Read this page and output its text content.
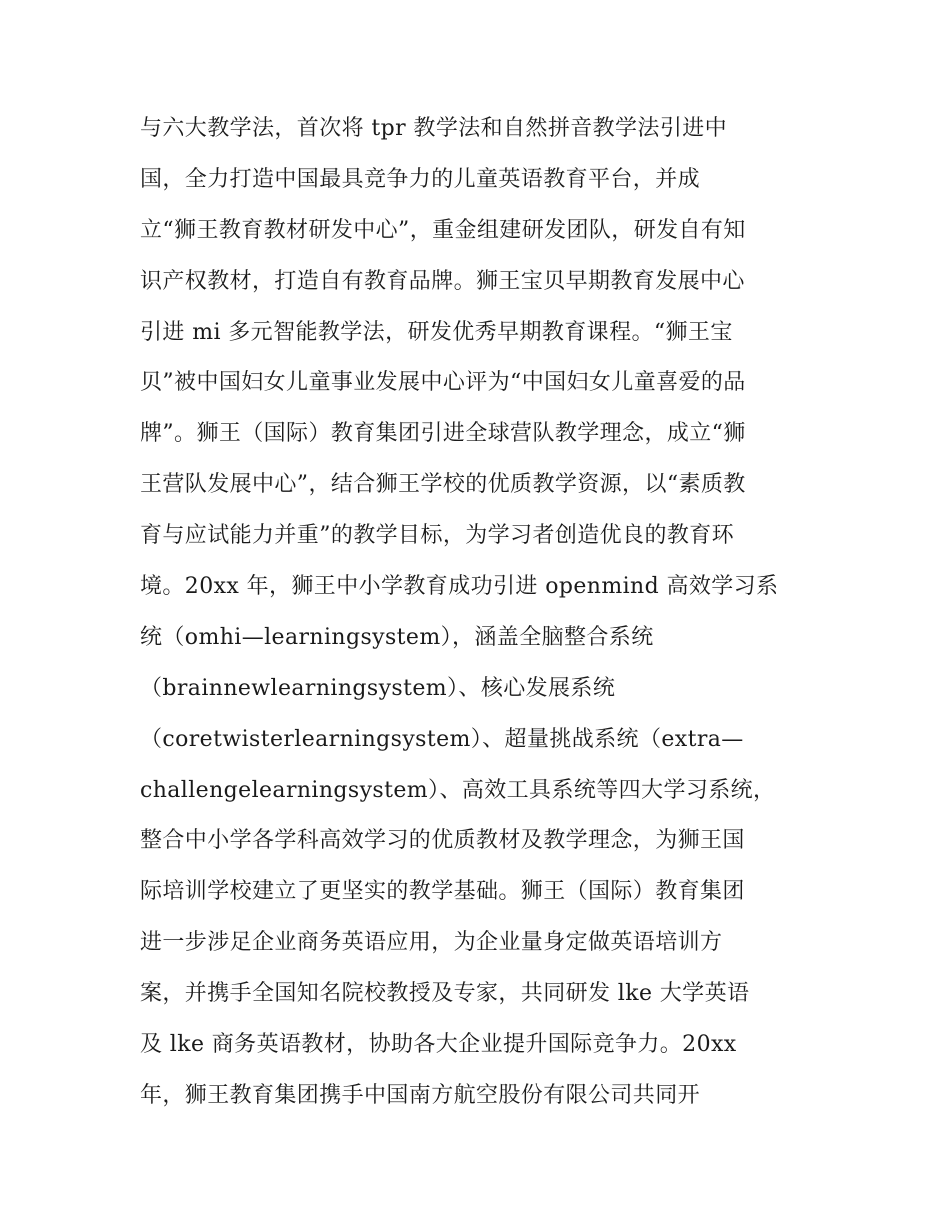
与六大教学法，首次将 tpr 教学法和自然拼音教学法引进中
国，全力打造中国最具竞争力的儿童英语教育平台，并成
立“狮王教育教材研发中心”，重金组建研发团队，研发自有知
识产权教材，打造自有教育品牌。狮王宝贝早期教育发展中心
引进 mi 多元智能教学法，研发优秀早期教育课程。“狮王宝
贝”被中国妇女儿童事业发展中心评为“中国妇女儿童喜爱的品
牌”。狮王（国际）教育集团引进全球营队教学理念，成立“狮
王营队发展中心”，结合狮王学校的优质教学资源，以“素质教
育与应试能力并重”的教学目标，为学习者创造优良的教育环
境。20xx 年，狮王中小学教育成功引进 openmind 高效学习系
统（omhi—learningsystem），涵盖全脑整合系统
（brainnewlearningsystem）、核心发展系统
（coretwisterlearningsystem）、超量挑战系统（extra—
challengelearningsystem）、高效工具系统等四大学习系统，
整合中小学各学科高效学习的优质教材及教学理念，为狮王国
际培训学校建立了更坚实的教学基础。狮王（国际）教育集团
进一步涉足企业商务英语应用，为企业量身定做英语培训方
案，并携手全国知名院校教授及专家，共同研发 lke 大学英语
及 lke 商务英语教材，协助各大企业提升国际竞争力。20xx
年，狮王教育集团携手中国南方航空股份有限公司共同开
